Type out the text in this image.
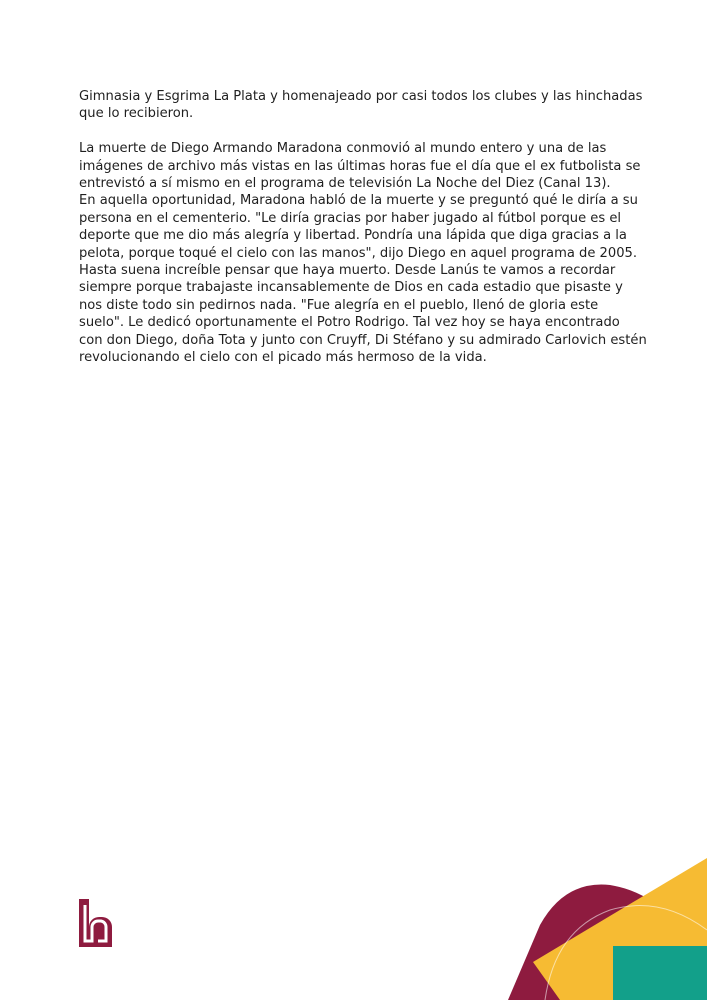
Gimnasia y Esgrima La Plata y homenajeado por casi todos los clubes y las hinchadas que lo recibieron.

La muerte de Diego Armando Maradona conmovió al mundo entero y una de las imágenes de archivo más vistas en las últimas horas fue el día que el ex futbolista se entrevistó a sí mismo en el programa de televisión La Noche del Diez (Canal 13).

En aquella oportunidad, Maradona habló de la muerte y se preguntó qué le diría a su persona en el cementerio. "Le diría gracias por haber jugado al fútbol porque es el deporte que me dio más alegría y libertad. Pondría una lápida que diga gracias a la pelota, porque toqué el cielo con las manos", dijo Diego en aquel programa de 2005.

Hasta suena increíble pensar que haya muerto. Desde Lanús te vamos a recordar siempre porque trabajaste incansablemente de Dios en cada estadio que pisaste y nos diste todo sin pedirnos nada. "Fue alegría en el pueblo, llenó de gloria este suelo". Le dedicó oportunamente el Potro Rodrigo. Tal vez hoy se haya encontrado con don Diego, doña Tota y junto con Cruyff, Di Stéfano y su admirado Carlovich estén revolucionando el cielo con el picado más hermoso de la vida.
